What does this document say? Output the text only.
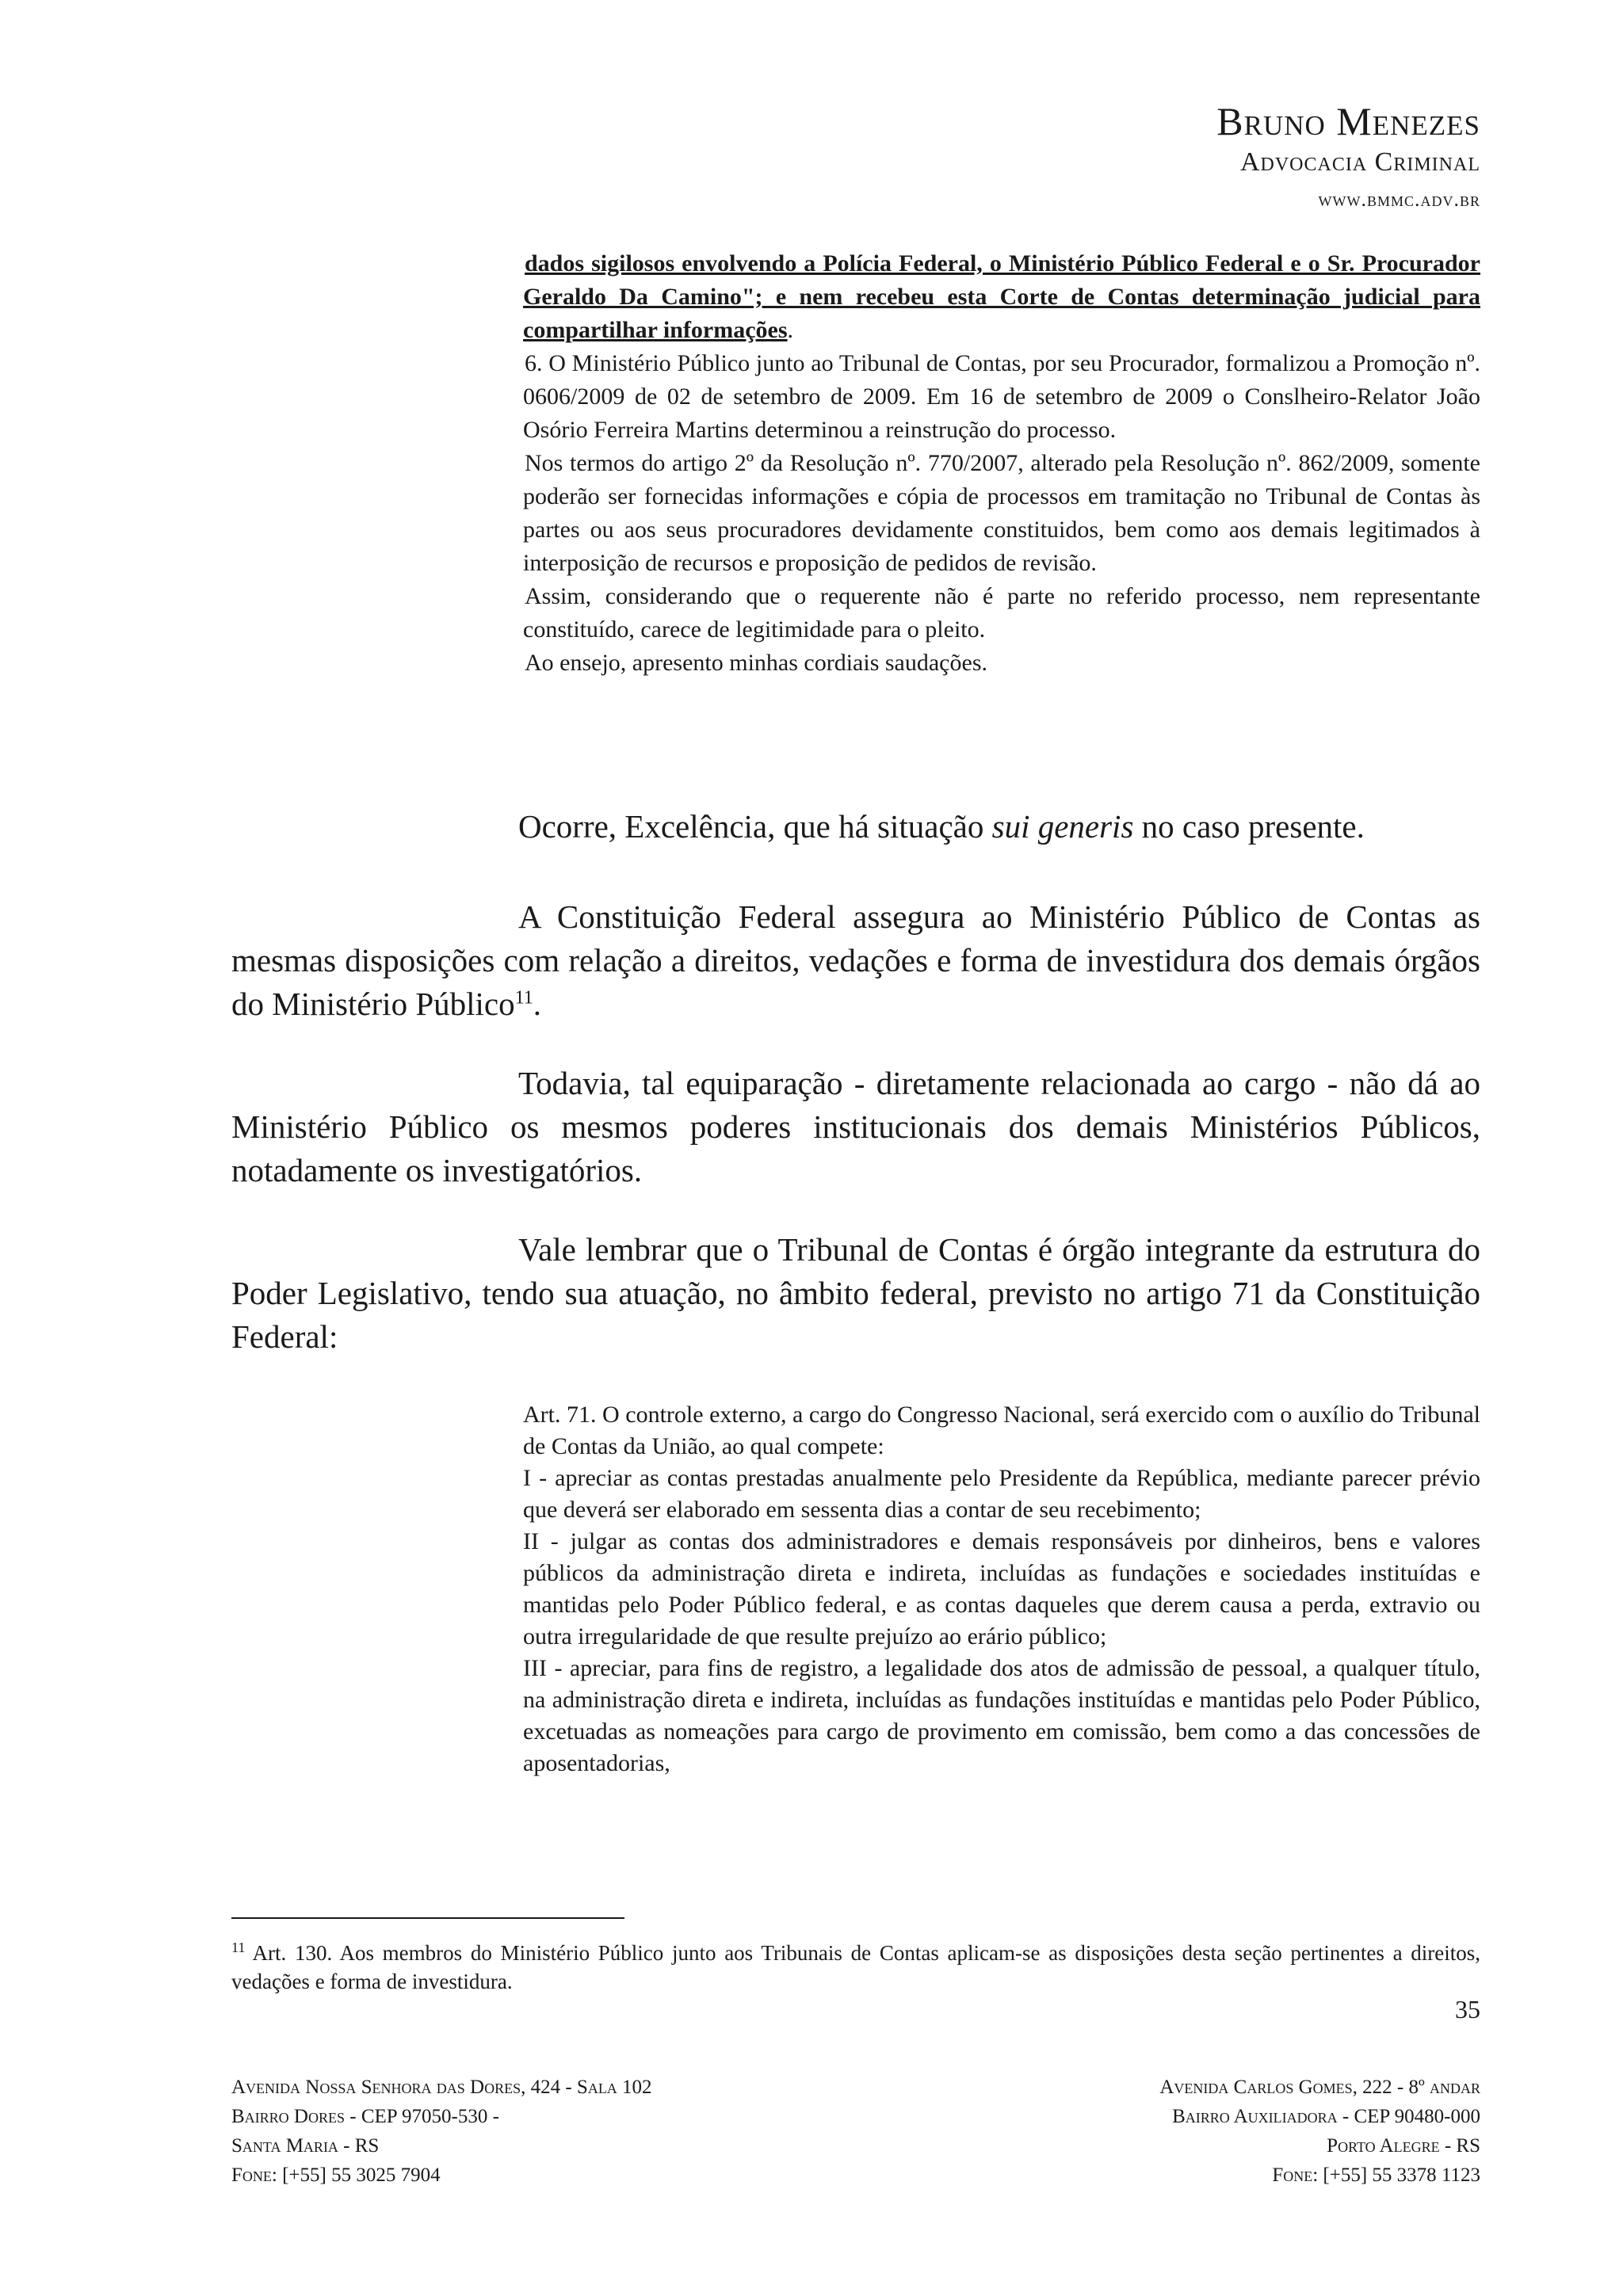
Bruno Menezes
Advocacia Criminal
www.bmmc.adv.br

dados sigilosos envolvendo a Polícia Federal, o Ministério Público Federal e o Sr. Procurador Geraldo Da Camino"; e nem recebeu esta Corte de Contas determinação judicial para compartilhar informações.

6. O Ministério Público junto ao Tribunal de Contas, por seu Procurador, formalizou a Promoção nº. 0606/2009 de 02 de setembro de 2009. Em 16 de setembro de 2009 o Conslheiro-Relator João Osório Ferreira Martins determinou a reinstrução do processo.

Nos termos do artigo 2º da Resolução nº. 770/2007, alterado pela Resolução nº. 862/2009, somente poderão ser fornecidas informações e cópia de processos em tramitação no Tribunal de Contas às partes ou aos seus procuradores devidamente constituidos, bem como aos demais legitimados à interposição de recursos e proposição de pedidos de revisão.

Assim, considerando que o requerente não é parte no referido processo, nem representante constituído, carece de legitimidade para o pleito.

Ao ensejo, apresento minhas cordiais saudações.

Ocorre, Excelência, que há situação sui generis no caso presente.

A Constituição Federal assegura ao Ministério Público de Contas as mesmas disposições com relação a direitos, vedações e forma de investidura dos demais órgãos do Ministério Público$^{11}$.

Todavia, tal equiparação - diretamente relacionada ao cargo - não dá ao Ministério Público os mesmos poderes institucionais dos demais Ministérios Públicos, notadamente os investigatórios.

Vale lembrar que o Tribunal de Contas é órgão integrante da estrutura do Poder Legislativo, tendo sua atuação, no âmbito federal, previsto no artigo 71 da Constituição Federal:

Art. 71. O controle externo, a cargo do Congresso Nacional, será exercido com o auxílio do Tribunal de Contas da União, ao qual compete:

I - apreciar as contas prestadas anualmente pelo Presidente da República, mediante parecer prévio que deverá ser elaborado em sessenta dias a contar de seu recebimento;

II - julgar as contas dos administradores e demais responsáveis por dinheiros, bens e valores públicos da administração direta e indireta, incluídas as fundações e sociedades instituídas e mantidas pelo Poder Público federal, e as contas daqueles que derem causa a perda, extravio ou outra irregularidade de que resulte prejuízo ao erário público;

III - apreciar, para fins de registro, a legalidade dos atos de admissão de pessoal, a qualquer título, na administração direta e indireta, incluídas as fundações instituídas e mantidas pelo Poder Público, excetuadas as nomeações para cargo de provimento em comissão, bem como a das concessões de aposentadorias,

$^{11}$ Art. 130. Aos membros do Ministério Público junto aos Tribunais de Contas aplicam-se as disposições desta seção pertinentes a direitos, vedações e forma de investidura.
35
Avenida Nossa Senhora das Dores, 424 - Sala 102
Bairro Dores - CEP 97050-530 -
Santa Maria - RS
Fone: [+55] 55 3025 7904
Avenida Carlos Gomes, 222 - 8º andar
Bairro Auxiliadora - CEP 90480-000
Porto Alegre - RS
Fone: [+55] 55 3378 1123
